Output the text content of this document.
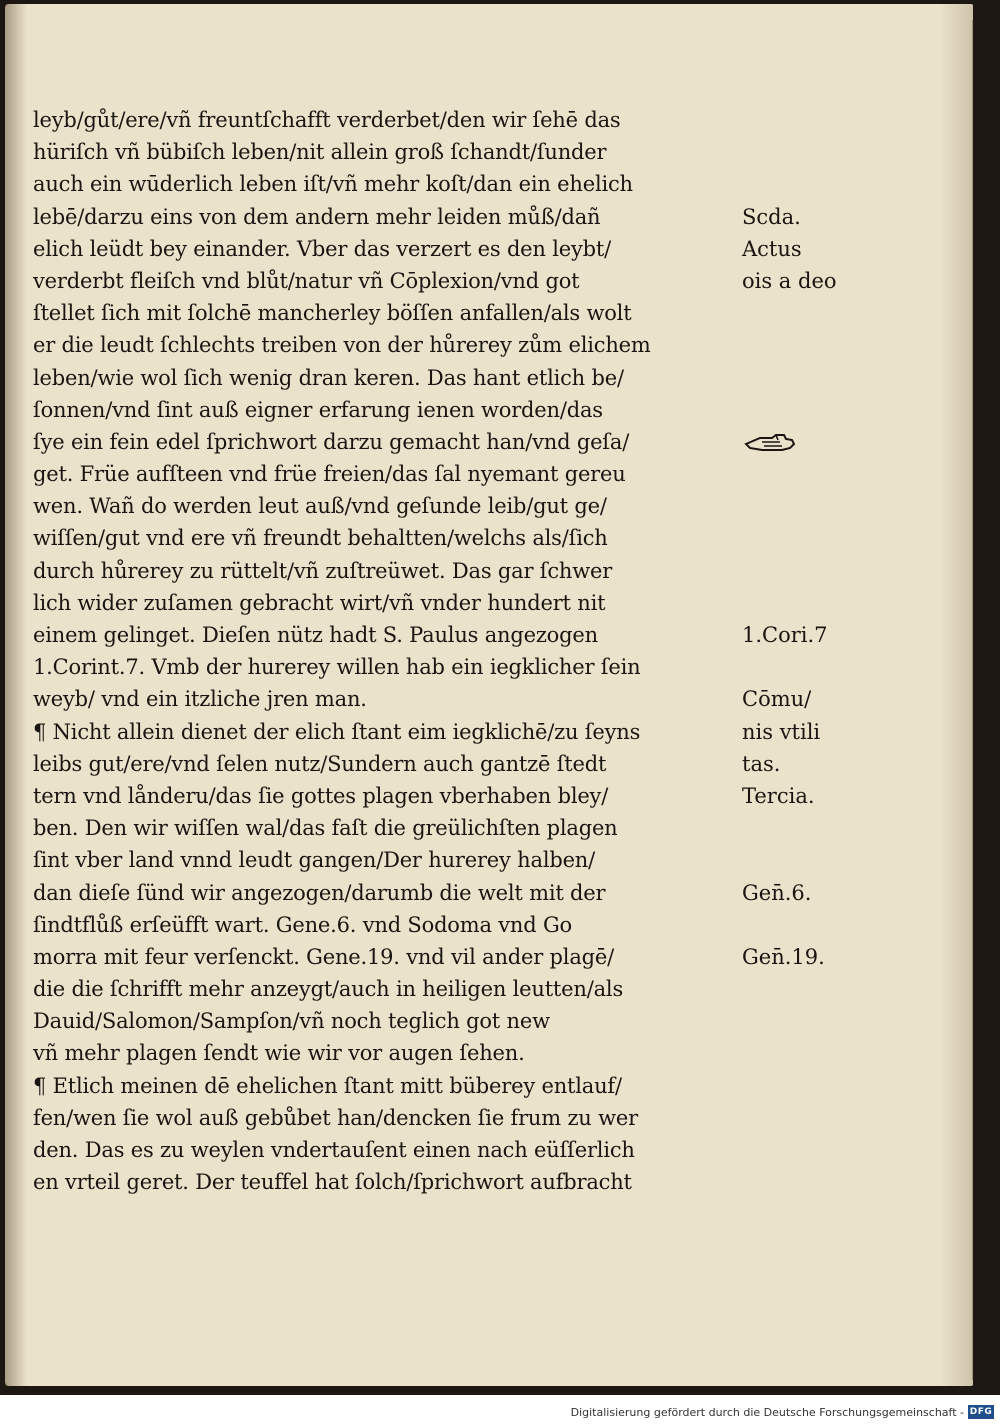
leyb/gůt/ere/vñ freuntſchafft verderbet/den wir ſehē das
hüriſch vñ bübiſch leben/nit allein groß ſchandt/ſunder
auch ein wūderlich leben iſt/vñ mehr koſt/dan ein ehelich
lebē/darzu eins von dem andern mehr leiden můß/dañ
elich leüdt bey einander. Vber das verzert es den leybt/
verderbt fleiſch vnd blůt/natur vñ Cōplexion/vnd got
ſtellet ſich mit ſolchē mancherley böſſen anfallen/als wolt
er die leudt ſchlechts treiben von der hůrerey zům elichem
leben/wie wol ſich wenig dran keren. Das hant etlich be/
ſonnen/vnd ſint auß eigner erfarung ienen worden/das
ſye ein fein edel ſprichwort darzu gemacht han/vnd geſa/
get. Früe aufſteen vnd früe freien/das ſal nyemant gereu
wen. Wañ do werden leut auß/vnd geſunde leib/gut ge/
wiſſen/gut vnd ere vñ freundt behaltten/welchs als/ſich
durch hůrerey zu rüttelt/vñ zuſtreüwet. Das gar ſchwer
lich wider zuſamen gebracht wirt/vñ vnder hundert nit
einem gelinget. Dieſen nütz hadt S. Paulus angezogen
1.Corint.7. Vmb der hurerey willen hab ein iegklicher ſein
weyb/ vnd ein itzliche jren man.
¶ Nicht allein dienet der elich ſtant eim iegklichē/zu ſeyns
leibs gut/ere/vnd ſelen nutz/Sundern auch gantzē ſtedt
tern vnd lånderu/das ſie gottes plagen vberhaben bley/
ben. Den wir wiſſen wal/das faſt die greülichſten plagen
ſint vber land vnnd leudt gangen/Der hurerey halben/
dan dieſe ſünd wir angezogen/darumb die welt mit der
ſindtflůß erſeüfft wart. Gene.6. vnd Sodoma vnd Go
morra mit feur verſenckt. Gene.19. vnd vil ander plagē/
die die ſchrifft mehr anzeygt/auch in heiligen leutten/als
Dauid/Salomon/Sampſon/vñ noch teglich got new
vñ mehr plagen ſendt wie wir vor augen ſehen.
¶ Etlich meinen dē ehelichen ſtant mitt büberey entlauf/
fen/wen ſie wol auß gebůbet han/dencken ſie frum zu wer
den. Das es zu weylen vndertauſent einen nach eüſſerlich
en vrteil geret. Der teuffel hat ſolch/ſprichwort aufbracht
Scda.
Actus
ois a deo
1.Cori.7
Cōmu/
nis vtili
tas.
Tercia.
Gen̄.6.
Gen̄.19.
Digitalisierung gefördert durch die Deutsche Forschungsgemeinschaft - DFG
